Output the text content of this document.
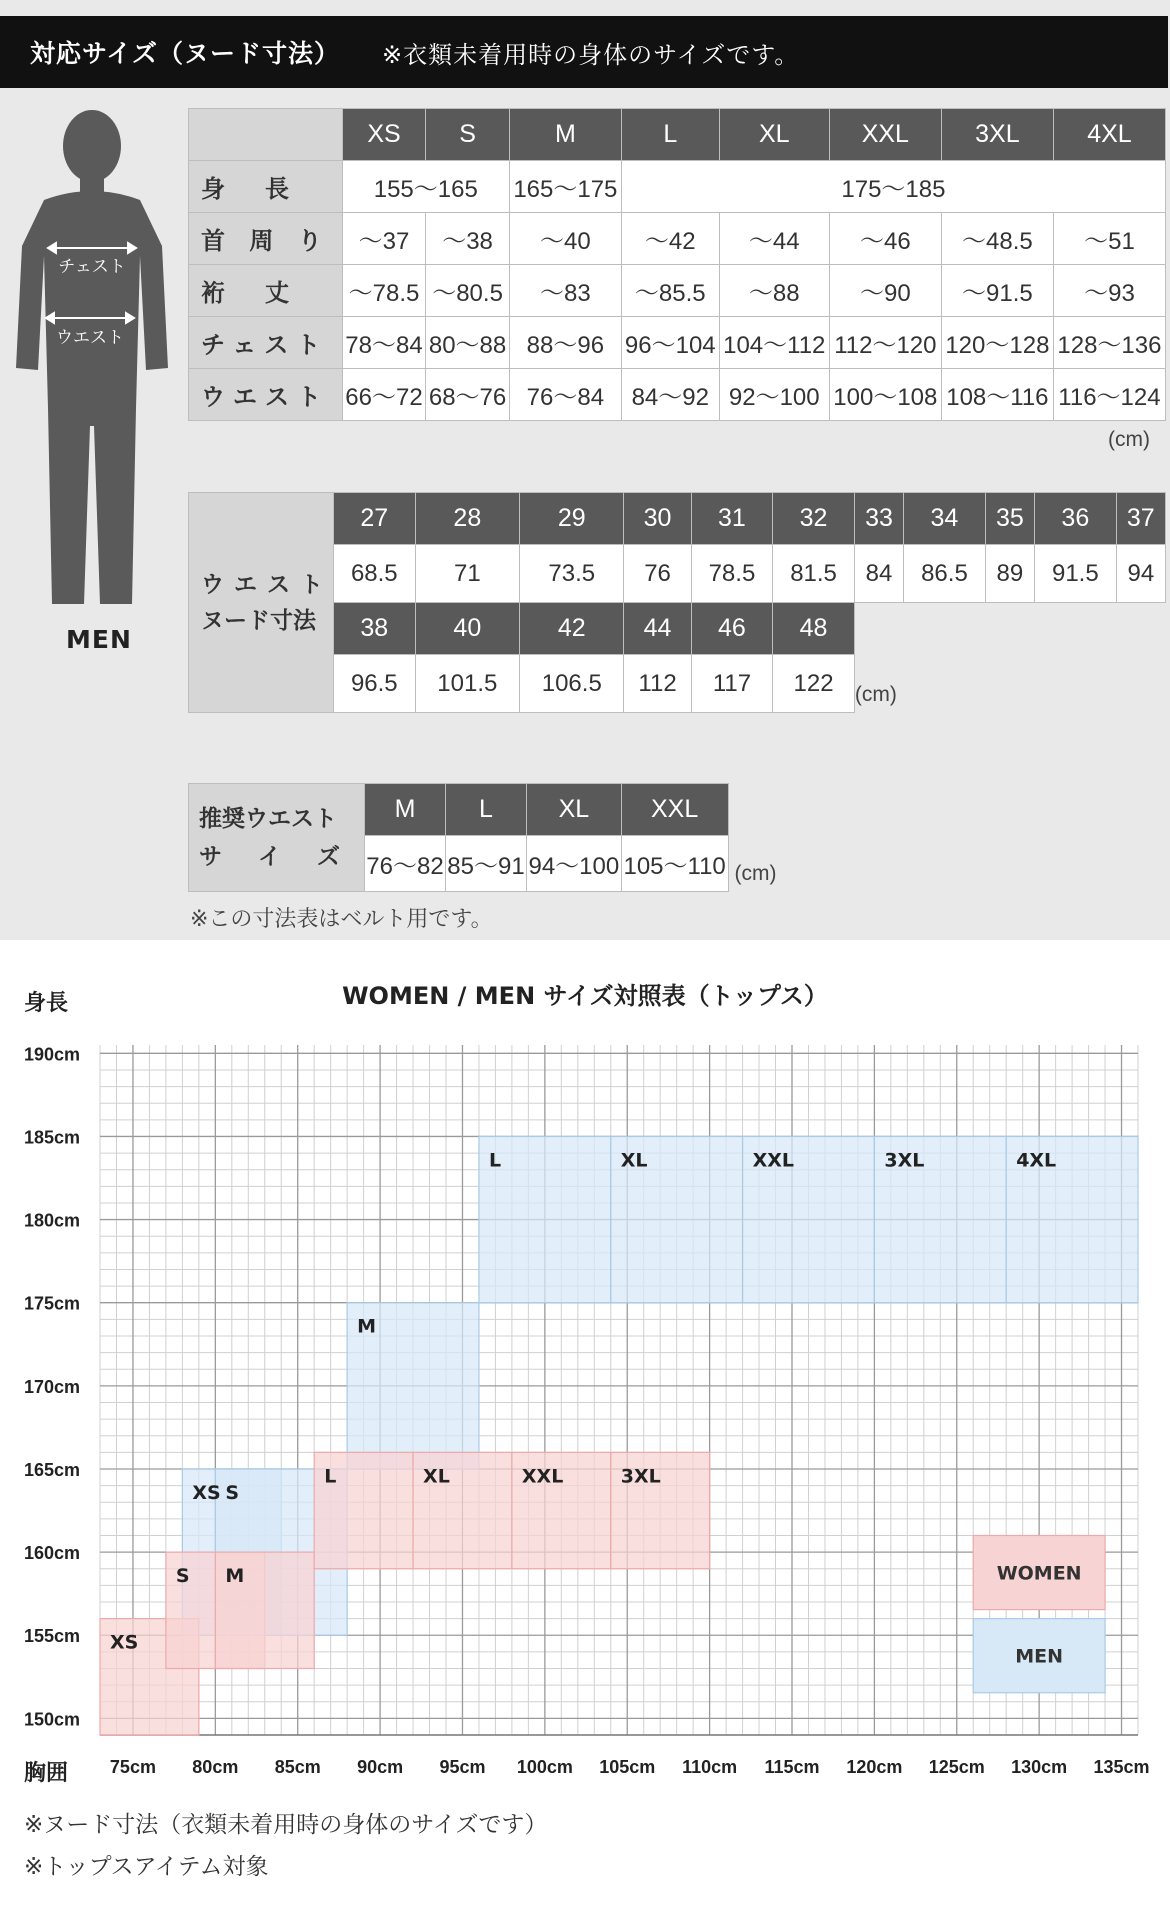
対応サイズ（ヌード寸法） ※衣類未着用時の身体のサイズです。
チェスト
ウエスト
MEN
	XS	S	M	L	XL	XXL	3XL	4XL
身　長	155〜165		165〜175	175〜185				
首 周 り	〜37	〜38	〜40	〜42	〜44	〜46	〜48.5	〜51
裄　丈	〜78.5	〜80.5	〜83	〜85.5	〜88	〜90	〜91.5	〜93
チェスト	78〜84	80〜88	88〜96	96〜104	104〜112	112〜120	120〜128	128〜136
ウエスト	66〜72	68〜76	76〜84	84〜92	92〜100	100〜108	108〜116	116〜124
(cm)
ウエスト
ヌード寸法	27	28	29	30	31	32	33	34	35	36	37
	68.5	71	73.5	76	78.5	81.5	84	86.5	89	91.5	94
	38	40	42	44	46	48	(cm)				
	96.5	101.5	106.5	112	117	122					
推奨ウエスト
サ イ ズ	M	L	XL	XXL	(cm)
	76〜82	85〜91	94〜100	105〜110	
※この寸法表はベルト用です。
WOMEN / MEN サイズ対照表（トップス）
身長
胸囲
XS S
M
L	XL	XXL	3XL	4XL
XS
S M
L	XL	XXL	3XL
150cm
155cm
160cm
165cm
170cm
175cm
180cm
185cm
190cm
75cm 80cm 85cm 90cm 95cm 100cm 105cm 110cm 115cm 120cm 125cm 130cm 135cm
WOMEN
MEN
※ヌード寸法（衣類未着用時の身体のサイズです）
※トップスアイテム対象
